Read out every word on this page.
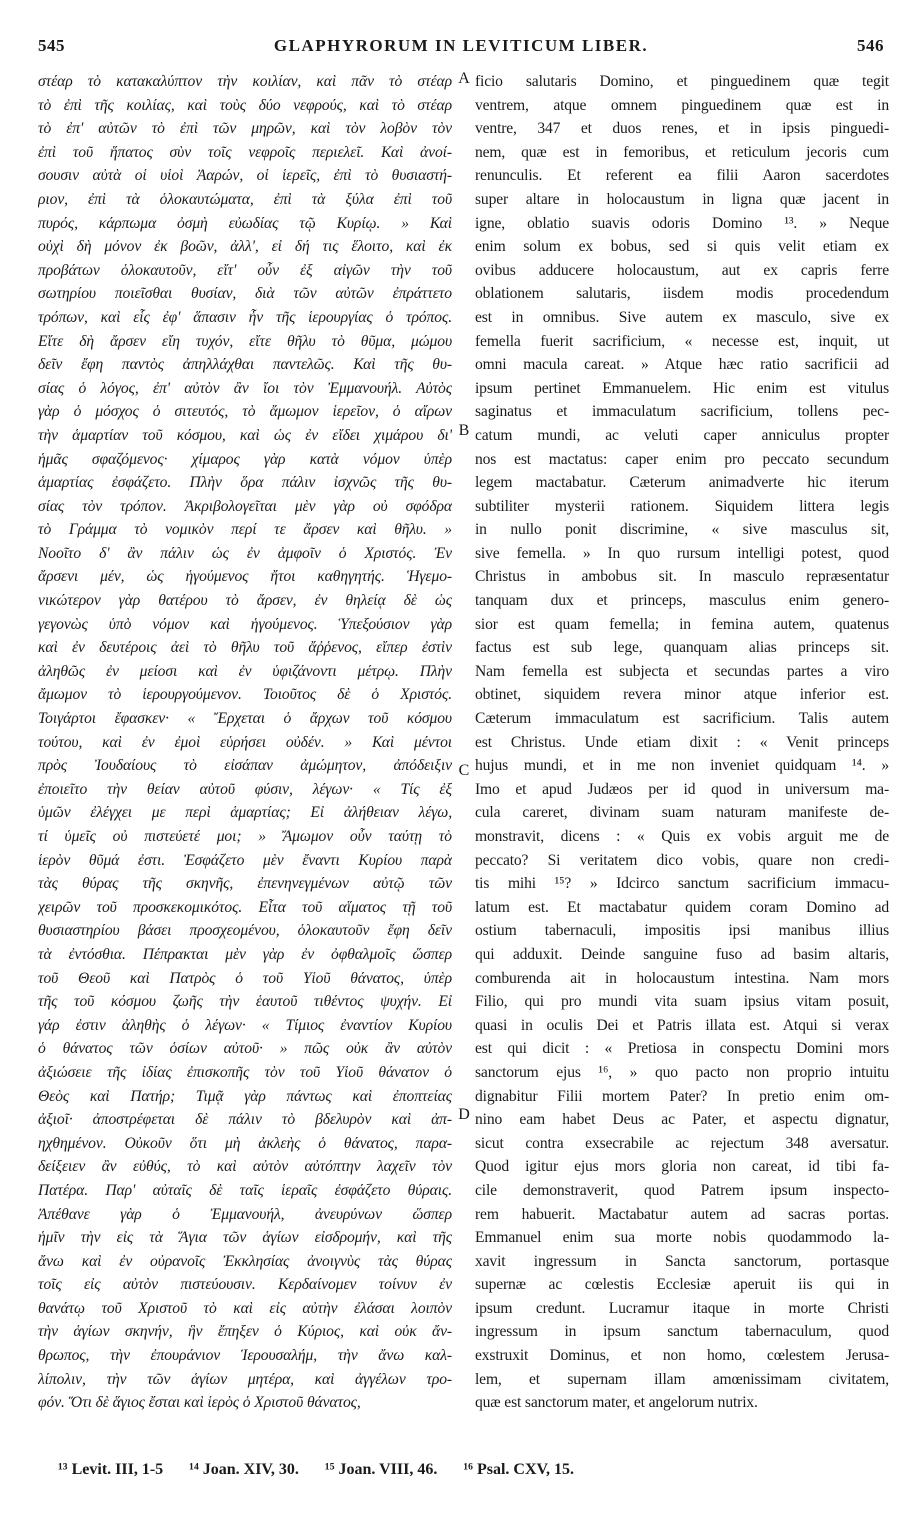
545	GLAPHYRORUM IN LEVITICUM LIBER.	546
στέαρ τὸ κατακαλύπτον τὴν κοιλίαν, καὶ πᾶν τὸ στέαρ
τὸ ἐπὶ τῆς κοιλίας, καὶ τοὺς δύο νεφρούς, καὶ τὸ στέαρ
τὸ ἐπ' αὐτῶν τὸ ἐπὶ τῶν μηρῶν, καὶ τὸν λοβὸν τὸν
ἐπὶ τοῦ ἥπατος σὺν τοῖς νεφροῖς περιελεῖ. Καὶ ἀνοί-
σουσιν αὐτὰ οἱ υἱοὶ Ἀαρών, οἱ ἱερεῖς, ἐπὶ τὸ θυσιαστή-
ριον, ἐπὶ τὰ ὁλοκαυτώματα, ἐπὶ τὰ ξύλα ἐπὶ τοῦ
πυρός, κάρπωμα ὀσμὴ εὐωδίας τῷ Κυρίῳ. » Καὶ
οὐχὶ δὴ μόνον ἐκ βοῶν, ἀλλ', εἰ δή τις ἕλοιτο, καὶ ἐκ
προβάτων ὁλοκαυτοῦν, εἴτ' οὖν ἐξ αἰγῶν τὴν τοῦ
σωτηρίου ποιεῖσθαι θυσίαν, διὰ τῶν αὐτῶν ἐπράττετο
τρόπων, καὶ εἷς ἐφ' ἅπασιν ἦν τῆς ἱερουργίας ὁ τρόπος.
Εἴτε δὴ ἄρσεν εἴη τυχόν, εἴτε θῆλυ τὸ θῦμα, μώμου
δεῖν ἔφη παντὸς ἀπηλλάχθαι παντελῶς. Καὶ τῆς θυ-
σίας ὁ λόγος, ἐπ' αὐτὸν ἂν ἴοι τὸν Ἐμμανουήλ. Αὐτὸς
γὰρ ὁ μόσχος ὁ σιτευτός, τὸ ἄμωμον ἱερεῖον, ὁ αἴρων
τὴν ἁμαρτίαν τοῦ κόσμου, καὶ ὡς ἐν εἴδει χιμάρου δι'
ἡμᾶς σφαζόμενος· χίμαρος γὰρ κατὰ νόμον ὑπὲρ
ἁμαρτίας ἐσφάζετο. Πλὴν ὅρα πάλιν ἰσχνῶς τῆς θυ-
σίας τὸν τρόπον. Ἀκριβολογεῖται μὲν γὰρ οὐ σφόδρα
τὸ Γράμμα τὸ νομικὸν περί τε ἄρσεν καὶ θῆλυ. »
Νοοῖτο δ' ἂν πάλιν ὡς ἐν ἀμφοῖν ὁ Χριστός. Ἐν
ἄρσενι μέν, ὡς ἡγούμενος ἤτοι καθηγητής. Ἡγεμο-
νικώτερον γὰρ θατέρου τὸ ἄρσεν, ἐν θηλείᾳ δὲ ὡς
γεγονὼς ὑπὸ νόμον καὶ ἡγούμενος. Ὑπεξούσιον γὰρ
καὶ ἐν δευτέροις ἀεὶ τὸ θῆλυ τοῦ ἄῤῥενος, εἴπερ ἐστὶν
ἀληθῶς ἐν μείοσι καὶ ἐν ὑφιζάνοντι μέτρῳ. Πλὴν
ἄμωμον τὸ ἱερουργούμενον. Τοιοῦτος δὲ ὁ Χριστός.
Τοιγάρτοι ἔφασκεν· « Ἔρχεται ὁ ἄρχων τοῦ κόσμου
τούτου, καὶ ἐν ἐμοὶ εὑρήσει οὐδέν. » Καὶ μέντοι
πρὸς Ἰουδαίους τὸ εἰσάπαν ἀμώμητον, ἀπόδειξιν
ἐποιεῖτο τὴν θείαν αὐτοῦ φύσιν, λέγων· « Τίς ἐξ
ὑμῶν ἐλέγχει με περὶ ἁμαρτίας; Εἰ ἀλήθειαν λέγω,
τί ὑμεῖς οὐ πιστεύετέ μοι; » Ἄμωμον οὖν ταύτῃ τὸ
ἱερὸν θῦμά ἐστι. Ἐσφάζετο μὲν ἔναντι Κυρίου παρὰ
τὰς θύρας τῆς σκηνῆς, ἐπενηνεγμένων αὐτῷ τῶν
χειρῶν τοῦ προσκεκομικότος. Εἶτα τοῦ αἵματος τῇ τοῦ
θυσιαστηρίου βάσει προσχεομένου, ὁλοκαυτοῦν ἔφη δεῖν
τὰ ἐντόσθια. Πέπρακται μὲν γὰρ ἐν ὀφθαλμοῖς ὥσπερ
τοῦ Θεοῦ καὶ Πατρὸς ὁ τοῦ Υἱοῦ θάνατος, ὑπὲρ
τῆς τοῦ κόσμου ζωῆς τὴν ἑαυτοῦ τιθέντος ψυχήν. Εἰ
γάρ ἐστιν ἀληθὴς ὁ λέγων· « Τίμιος ἐναντίον Κυρίου
ὁ θάνατος τῶν ὁσίων αὐτοῦ· » πῶς οὐκ ἂν αὐτὸν
ἀξιώσειε τῆς ἰδίας ἐπισκοπῆς τὸν τοῦ Υἱοῦ θάνατον ὁ
Θεὸς καὶ Πατήρ; Τιμᾷ γὰρ πάντως καὶ ἐποπτείας
ἀξιοῖ· ἀποστρέφεται δὲ πάλιν τὸ βδελυρὸν καὶ ἀπ-
ηχθημένον. Οὐκοῦν ὅτι μὴ ἀκλεὴς ὁ θάνατος, παρα-
δείξειεν ἂν εὐθύς, τὸ καὶ αὐτὸν αὐτόπτην λαχεῖν τὸν
Πατέρα. Παρ' αὐταῖς δὲ ταῖς ἱεραῖς ἐσφάζετο θύραις.
Ἀπέθανε γὰρ ὁ Ἐμμανουήλ, ἀνευρύνων ὥσπερ
ἡμῖν τὴν εἰς τὰ Ἅγια τῶν ἁγίων εἰσδρομήν, καὶ τῆς
ἄνω καὶ ἐν οὐρανοῖς Ἐκκλησίας ἀνοιγνὺς τὰς θύρας
τοῖς εἰς αὐτὸν πιστεύουσιν. Κερδαίνομεν τοίνυν ἐν
θανάτῳ τοῦ Χριστοῦ τὸ καὶ εἰς αὐτὴν ἐλάσαι λοιπὸν
τὴν ἁγίων σκηνήν, ἣν ἔπηξεν ὁ Κύριος, καὶ οὐκ ἄν-
θρωπος, τὴν ἐπουράνιον Ἱερουσαλήμ, τὴν ἄνω καλ-
λίπολιν, τὴν τῶν ἁγίων μητέρα, καὶ ἀγγέλων τρο-
φόν. Ὅτι δὲ ἅγιος ἔσται καὶ ἱερὸς ὁ Χριστοῦ θάνατος,
A
B
C
D
ficio salutaris Domino, et pinguedinem quæ tegit
ventrem, atque omnem pinguedinem quæ est in
ventre, 347 et duos renes, et in ipsis pinguedi-
nem, quæ est in femoribus, et reticulum jecoris cum
renunculis. Et referent ea filii Aaron sacerdotes
super altare in holocaustum in ligna quæ jacent in
igne, oblatio suavis odoris Domino ¹³. » Neque
enim solum ex bobus, sed si quis velit etiam ex
ovibus adducere holocaustum, aut ex capris ferre
oblationem salutaris, iisdem modis procedendum
est in omnibus. Sive autem ex masculo, sive ex
femella fuerit sacrificium, « necesse est, inquit, ut
omni macula careat. » Atque hæc ratio sacrificii ad
ipsum pertinet Emmanuelem. Hic enim est vitulus
saginatus et immaculatum sacrificium, tollens pec-
catum mundi, ac veluti caper anniculus propter
nos est mactatus: caper enim pro peccato secundum
legem mactabatur. Cæterum animadverte hic iterum
subtiliter mysterii rationem. Siquidem littera legis
in nullo ponit discrimine, « sive masculus sit,
sive femella. » In quo rursum intelligi potest, quod
Christus in ambobus sit. In masculo repræsentatur
tanquam dux et princeps, masculus enim genero-
sior est quam femella; in femina autem, quatenus
factus est sub lege, quanquam alias princeps sit.
Nam femella est subjecta et secundas partes a viro
obtinet, siquidem revera minor atque inferior est.
Cæterum immaculatum est sacrificium. Talis autem
est Christus. Unde etiam dixit : « Venit princeps
hujus mundi, et in me non inveniet quidquam ¹⁴. »
Imo et apud Judæos per id quod in universum ma-
cula careret, divinam suam naturam manifeste de-
monstravit, dicens : « Quis ex vobis arguit me de
peccato? Si veritatem dico vobis, quare non credi-
tis mihi ¹⁵? » Idcirco sanctum sacrificium immacu-
latum est. Et mactabatur quidem coram Domino ad
ostium tabernaculi, impositis ipsi manibus illius
qui adduxit. Deinde sanguine fuso ad basim altaris,
comburenda ait in holocaustum intestina. Nam mors
Filio, qui pro mundi vita suam ipsius vitam posuit,
quasi in oculis Dei et Patris illata est. Atqui si verax
est qui dicit : « Pretiosa in conspectu Domini mors
sanctorum ejus ¹⁶, » quo pacto non proprio intuitu
dignabitur Filii mortem Pater? In pretio enim om-
nino eam habet Deus ac Pater, et aspectu dignatur,
sicut contra exsecrabile ac rejectum 348 aversatur.
Quod igitur ejus mors gloria non careat, id tibi fa-
cile demonstraverit, quod Patrem ipsum inspecto-
rem habuerit. Mactabatur autem ad sacras portas.
Emmanuel enim sua morte nobis quodammodo la-
xavit ingressum in Sancta sanctorum, portasque
supernæ ac cœlestis Ecclesiæ aperuit iis qui in
ipsum credunt. Lucramur itaque in morte Christi
ingressum in ipsum sanctum tabernaculum, quod
exstruxit Dominus, et non homo, cœlestem Jerusa-
lem, et supernam illam amœnissimam civitatem,
quæ est sanctorum mater, et angelorum nutrix.
¹³ Levit. III, 1-5 ¹⁴ Joan. XIV, 30. ¹⁵ Joan. VIII, 46. ¹⁶ Psal. CXV, 15.
